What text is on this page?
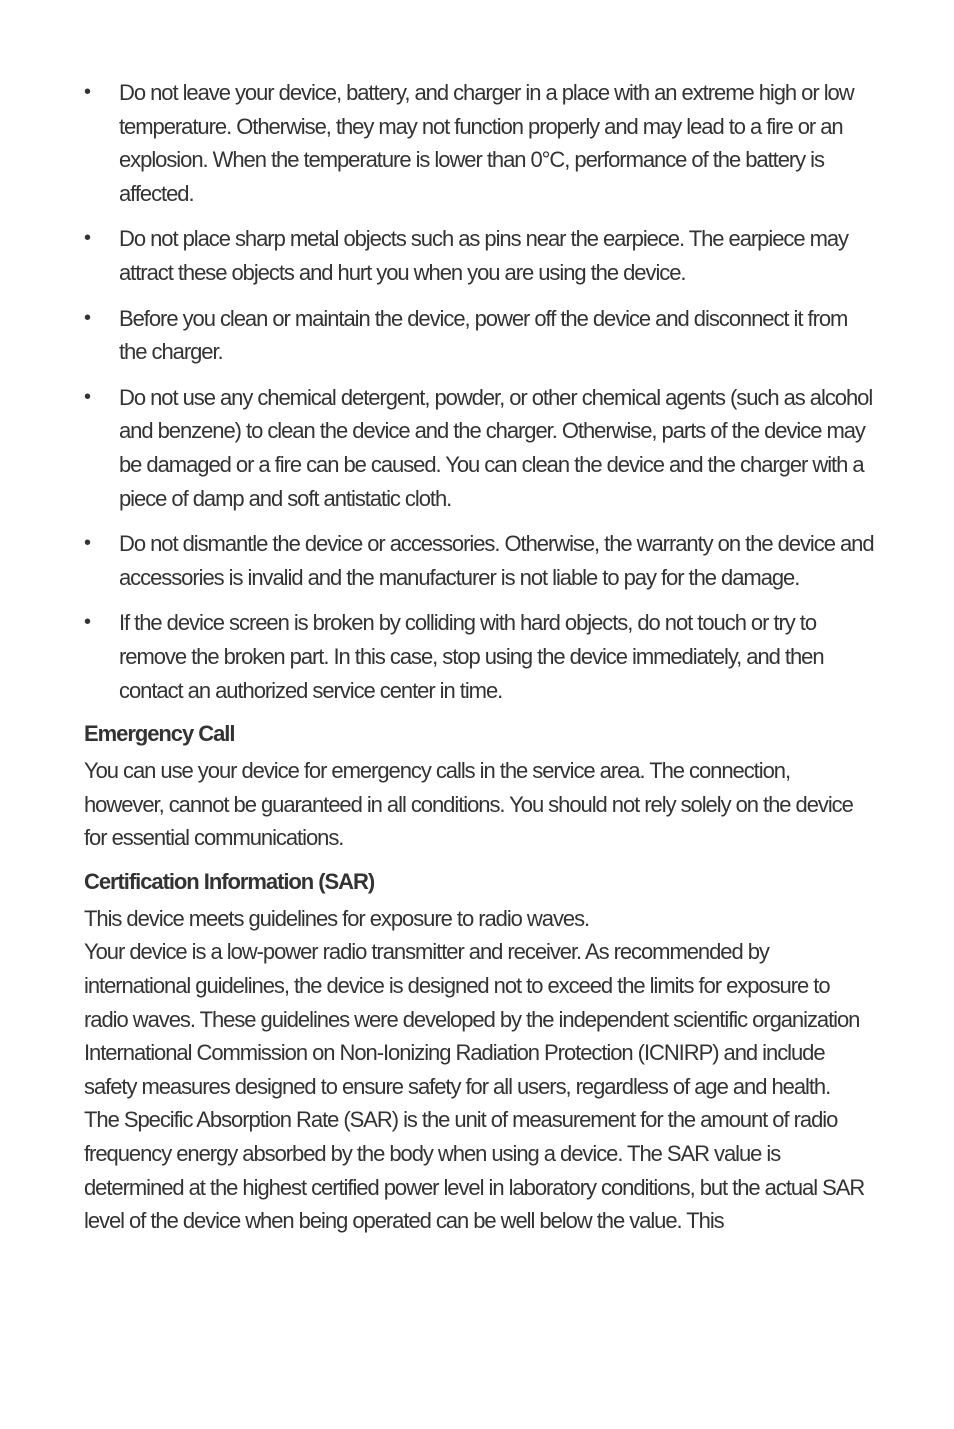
• Do not leave your device, battery, and charger in a place with an extreme high or low temperature. Otherwise, they may not function properly and may lead to a fire or an explosion. When the temperature is lower than 0°C, performance of the battery is affected.
• Do not place sharp metal objects such as pins near the earpiece. The earpiece may attract these objects and hurt you when you are using the device.
• Before you clean or maintain the device, power off the device and disconnect it from the charger.
• Do not use any chemical detergent, powder, or other chemical agents (such as alcohol and benzene) to clean the device and the charger. Otherwise, parts of the device may be damaged or a fire can be caused. You can clean the device and the charger with a piece of damp and soft antistatic cloth.
• Do not dismantle the device or accessories. Otherwise, the warranty on the device and accessories is invalid and the manufacturer is not liable to pay for the damage.
• If the device screen is broken by colliding with hard objects, do not touch or try to remove the broken part. In this case, stop using the device immediately, and then contact an authorized service center in time.
Emergency Call

You can use your device for emergency calls in the service area. The connection, however, cannot be guaranteed in all conditions. You should not rely solely on the device for essential communications.

Certification Information (SAR)

This device meets guidelines for exposure to radio waves.

Your device is a low-power radio transmitter and receiver. As recommended by international guidelines, the device is designed not to exceed the limits for exposure to radio waves. These guidelines were developed by the independent scientific organization International Commission on Non-Ionizing Radiation Protection (ICNIRP) and include safety measures designed to ensure safety for all users, regardless of age and health.

The Specific Absorption Rate (SAR) is the unit of measurement for the amount of radio frequency energy absorbed by the body when using a device. The SAR value is determined at the highest certified power level in laboratory conditions, but the actual SAR level of the device when being operated can be well below the value. This
